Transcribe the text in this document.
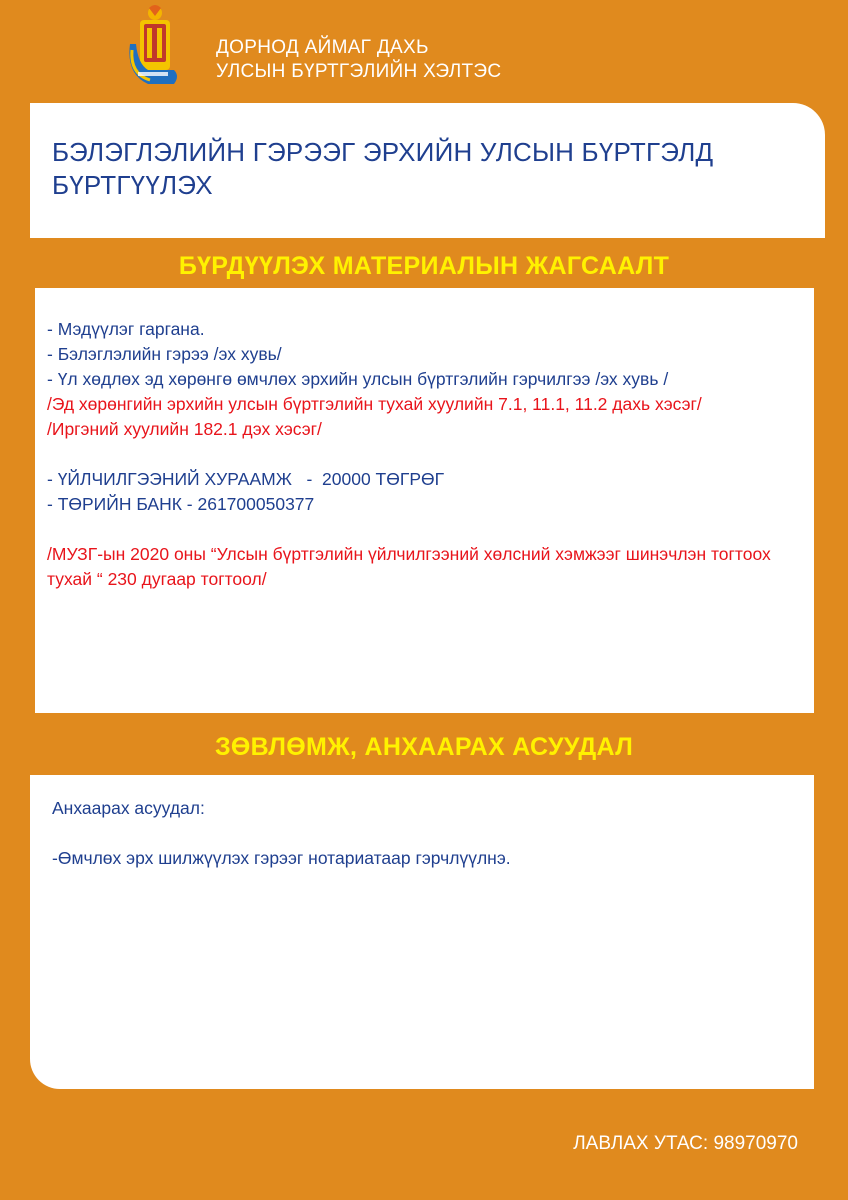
ДОРНОД АЙМАГ ДАХЬ
УЛСЫН БҮРТГЭЛИЙН ХЭЛТЭС
БЭЛЭГЛЭЛИЙН ГЭРЭЭГ ЭРХИЙН УЛСЫН БҮРТГЭЛД БҮРТГҮҮЛЭХ
БҮРДҮҮЛЭХ МАТЕРИАЛЫН ЖАГСААЛТ
- Мэдүүлэг гаргана.
- Бэлэглэлийн гэрээ /эх хувь/
- Үл хөдлөх эд хөрөнгө өмчлөх эрхийн улсын бүртгэлийн гэрчилгээ /эх хувь /
/Эд хөрөнгийн эрхийн улсын бүртгэлийн тухай хуулийн 7.1, 11.1, 11.2 дахь хэсэг/
/Иргэний хуулийн 182.1 дэх хэсэг/
- ҮЙЛЧИЛГЭЭНИЙ ХУРААМЖ   -  20000 ТӨГРӨГ
- ТӨРИЙН БАНК - 261700050377
/МУЗГ-ын 2020 оны “Улсын бүртгэлийн үйлчилгээний хөлсний хэмжээг шинэчлэн тогтоох тухай “ 230 дугаар тогтоол/
ЗӨВЛӨМЖ, АНХААРАХ АСУУДАЛ
Анхаарах асуудал:
-Өмчлөх эрх шилжүүлэх гэрээг нотариатаар гэрчлүүлнэ.
ЛАВЛАХ УТАС: 98970970
